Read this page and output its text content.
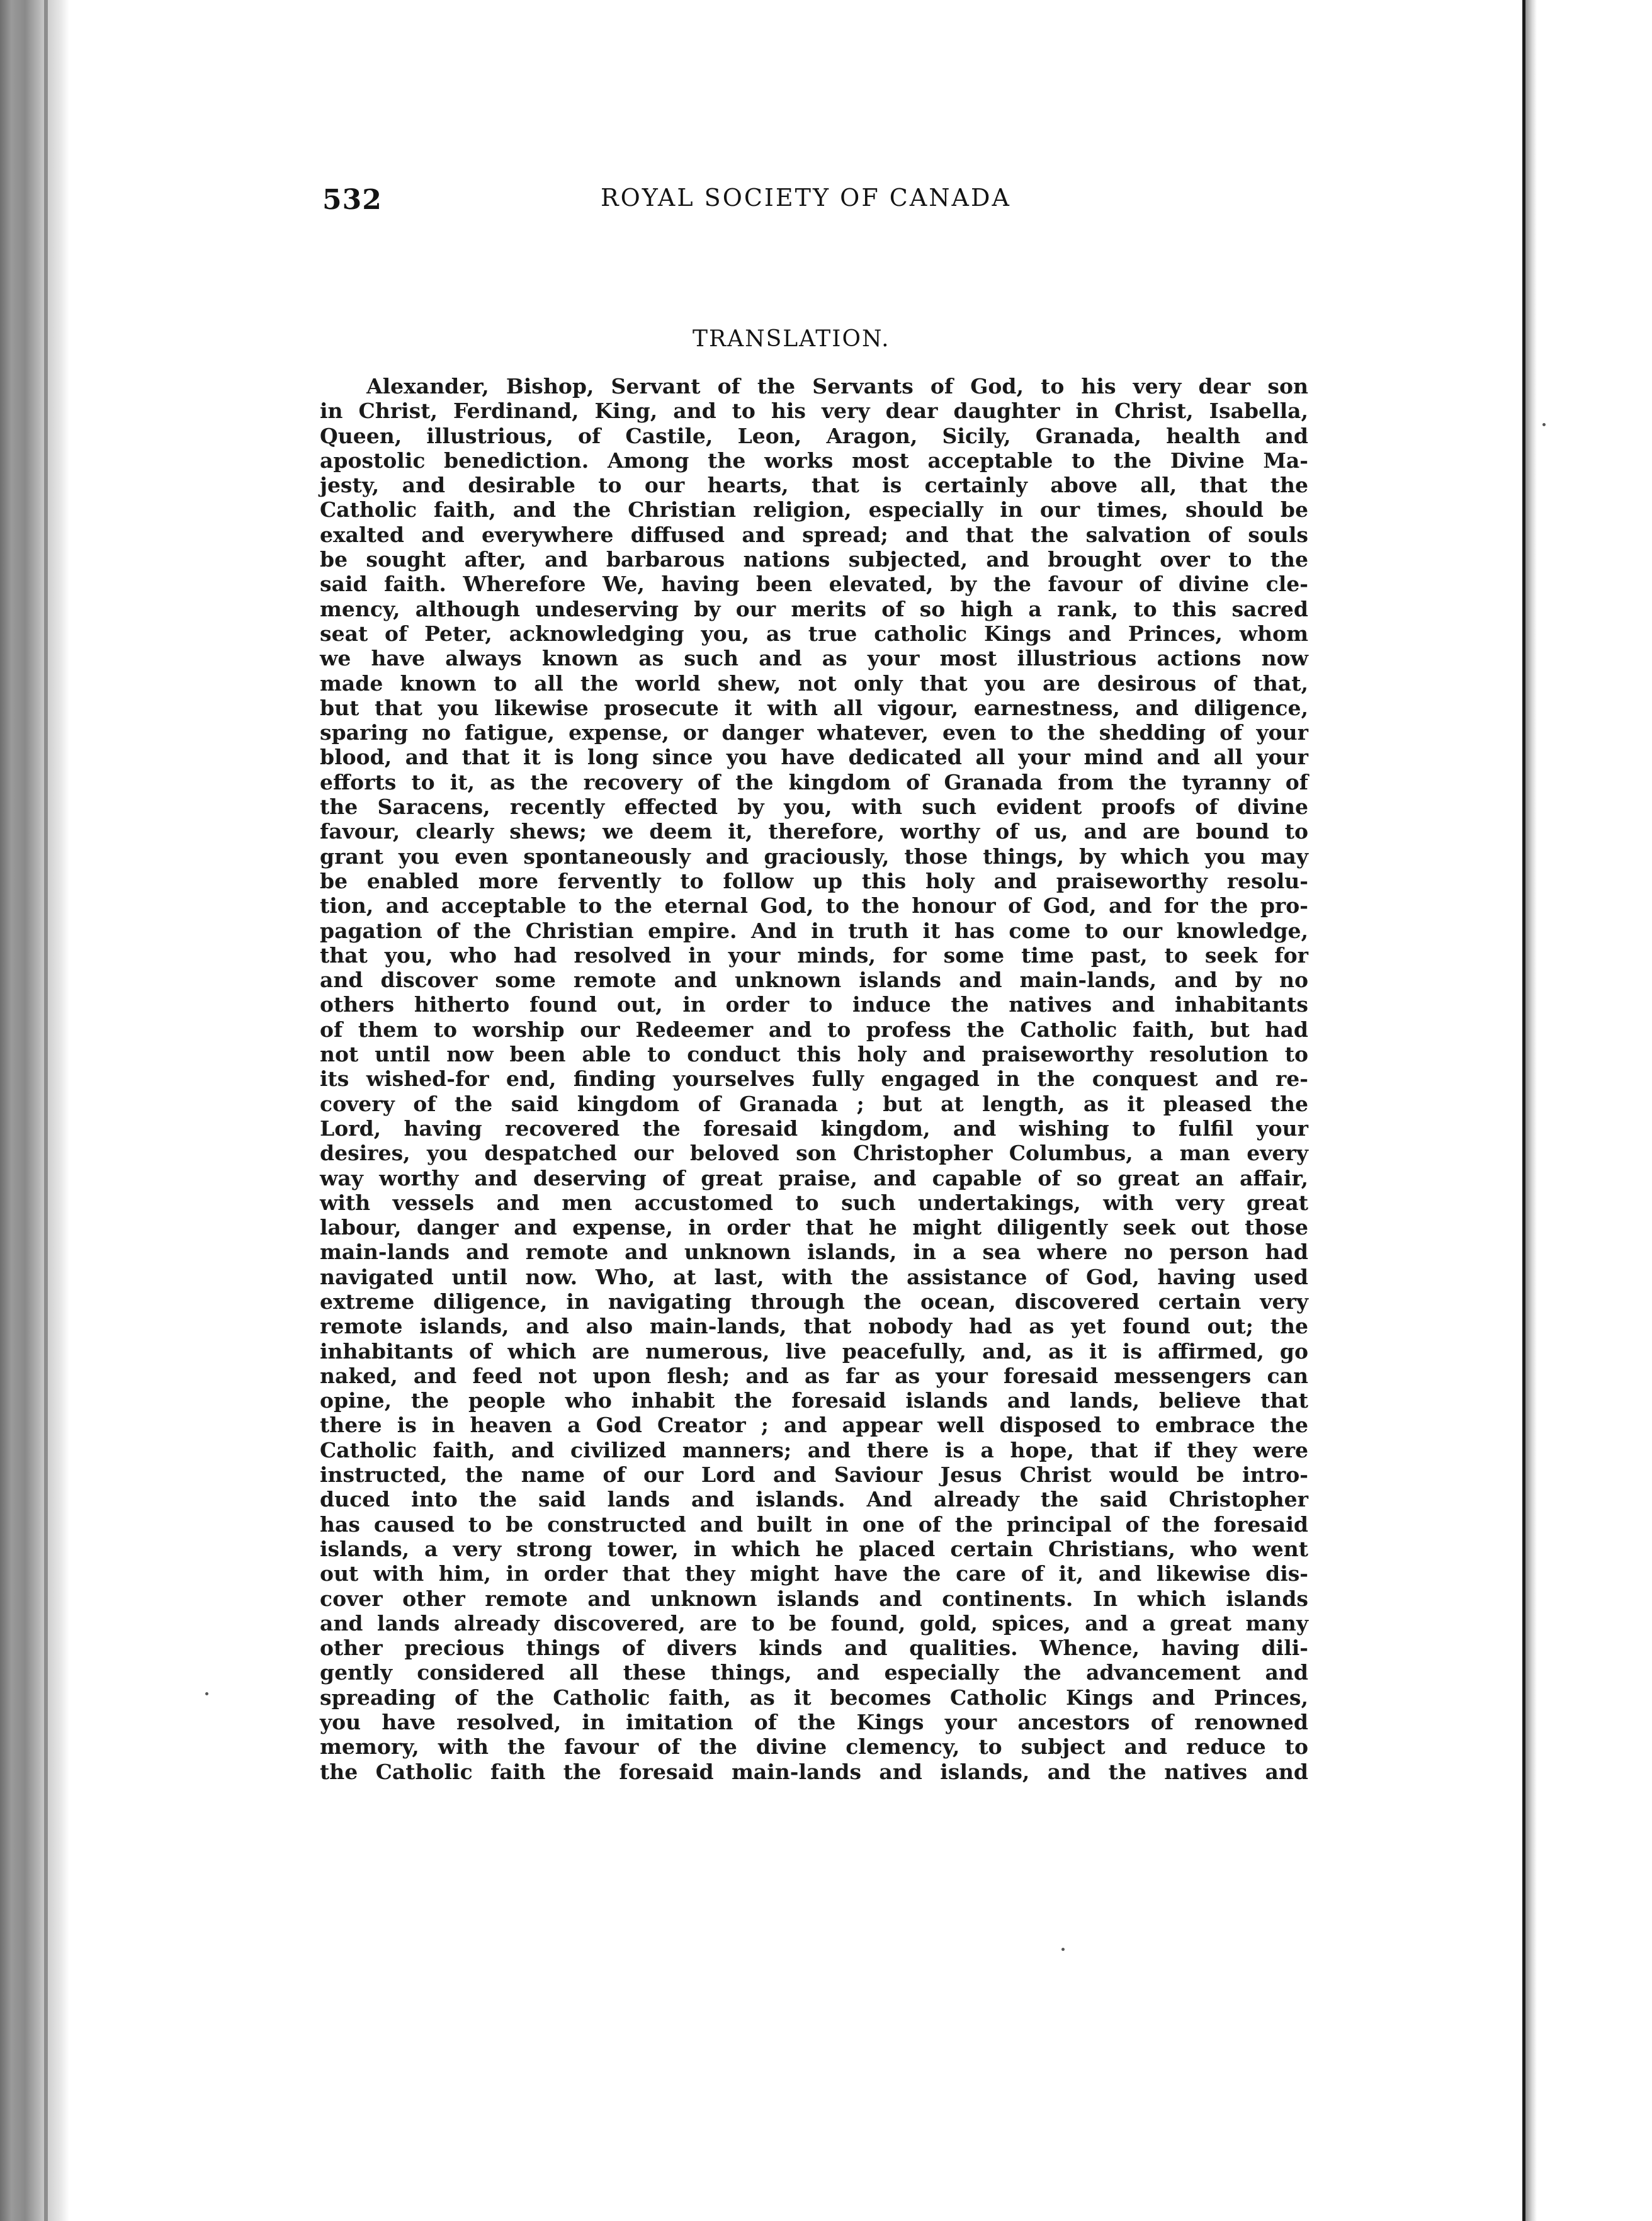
532	ROYAL SOCIETY OF CANADA
TRANSLATION.
Alexander, Bishop, Servant of the Servants of God, to his very dear son
in Christ, Ferdinand, King, and to his very dear daughter in Christ, Isabella,
Queen, illustrious, of Castile, Leon, Aragon, Sicily, Granada, health and
apostolic benediction. Among the works most acceptable to the Divine Ma-
jesty, and desirable to our hearts, that is certainly above all, that the
Catholic faith, and the Christian religion, especially in our times, should be
exalted and everywhere diffused and spread; and that the salvation of souls
be sought after, and barbarous nations subjected, and brought over to the
said faith. Wherefore We, having been elevated, by the favour of divine cle-
mency, although undeserving by our merits of so high a rank, to this sacred
seat of Peter, acknowledging you, as true catholic Kings and Princes, whom
we have always known as such and as your most illustrious actions now
made known to all the world shew, not only that you are desirous of that,
but that you likewise prosecute it with all vigour, earnestness, and diligence,
sparing no fatigue, expense, or danger whatever, even to the shedding of your
blood, and that it is long since you have dedicated all your mind and all your
efforts to it, as the recovery of the kingdom of Granada from the tyranny of
the Saracens, recently effected by you, with such evident proofs of divine
favour, clearly shews; we deem it, therefore, worthy of us, and are bound to
grant you even spontaneously and graciously, those things, by which you may
be enabled more fervently to follow up this holy and praiseworthy resolu-
tion, and acceptable to the eternal God, to the honour of God, and for the pro-
pagation of the Christian empire. And in truth it has come to our knowledge,
that you, who had resolved in your minds, for some time past, to seek for
and discover some remote and unknown islands and main-lands, and by no
others hitherto found out, in order to induce the natives and inhabitants
of them to worship our Redeemer and to profess the Catholic faith, but had
not until now been able to conduct this holy and praiseworthy resolution to
its wished-for end, finding yourselves fully engaged in the conquest and re-
covery of the said kingdom of Granada ; but at length, as it pleased the
Lord, having recovered the foresaid kingdom, and wishing to fulfil your
desires, you despatched our beloved son Christopher Columbus, a man every
way worthy and deserving of great praise, and capable of so great an affair,
with vessels and men accustomed to such undertakings, with very great
labour, danger and expense, in order that he might diligently seek out those
main-lands and remote and unknown islands, in a sea where no person had
navigated until now. Who, at last, with the assistance of God, having used
extreme diligence, in navigating through the ocean, discovered certain very
remote islands, and also main-lands, that nobody had as yet found out; the
inhabitants of which are numerous, live peacefully, and, as it is affirmed, go
naked, and feed not upon flesh; and as far as your foresaid messengers can
opine, the people who inhabit the foresaid islands and lands, believe that
there is in heaven a God Creator ; and appear well disposed to embrace the
Catholic faith, and civilized manners; and there is a hope, that if they were
instructed, the name of our Lord and Saviour Jesus Christ would be intro-
duced into the said lands and islands. And already the said Christopher
has caused to be constructed and built in one of the principal of the foresaid
islands, a very strong tower, in which he placed certain Christians, who went
out with him, in order that they might have the care of it, and likewise dis-
cover other remote and unknown islands and continents. In which islands
and lands already discovered, are to be found, gold, spices, and a great many
other precious things of divers kinds and qualities. Whence, having dili-
gently considered all these things, and especially the advancement and
spreading of the Catholic faith, as it becomes Catholic Kings and Princes,
you have resolved, in imitation of the Kings your ancestors of renowned
memory, with the favour of the divine clemency, to subject and reduce to
the Catholic faith the foresaid main-lands and islands, and the natives and
